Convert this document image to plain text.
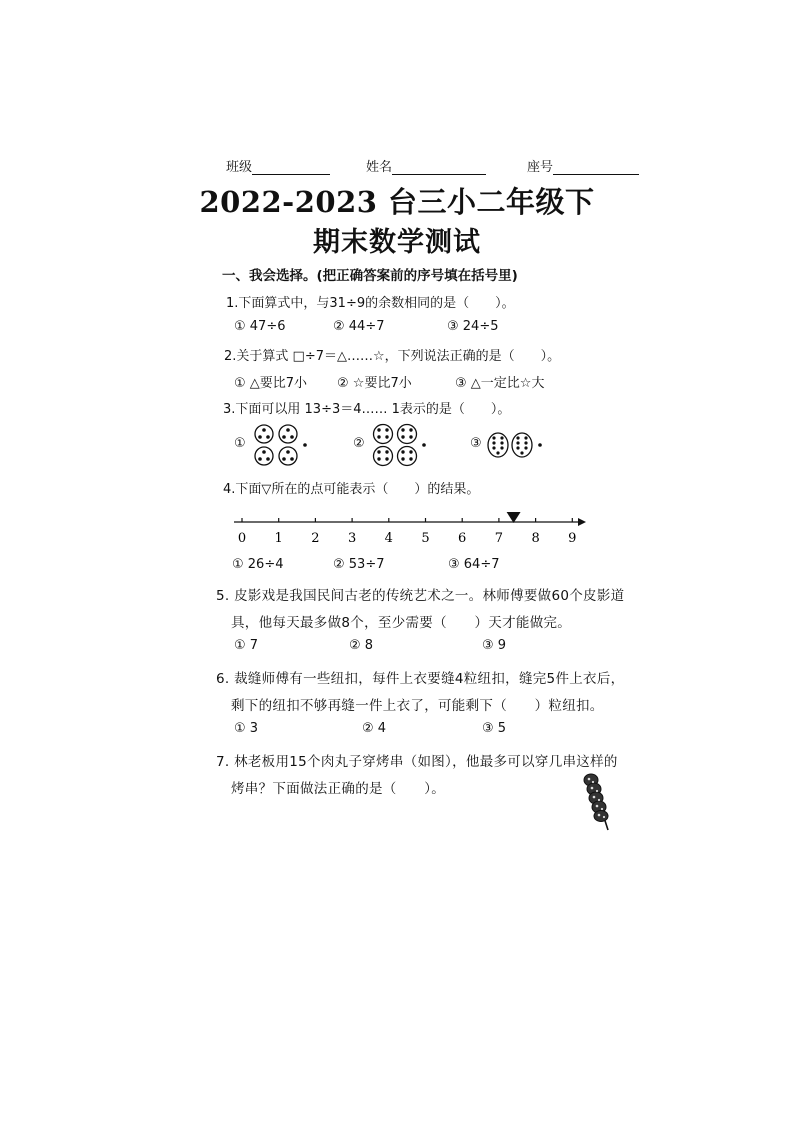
班级	姓名	座号
2022-2023 台三小二年级下
期末数学测试
一、我会选择。(把正确答案前的序号填在括号里)
1.下面算式中，与31÷9的余数相同的是（　　）。
① 47÷6	② 44÷7	③ 24÷5
2.关于算式 □÷7＝△……☆，下列说法正确的是（　　）。
① △要比7小 ② ☆要比7小	③ △一定比☆大
3.下面可以用 13÷3＝4…… 1表示的是（　　）。
①	②	③
4.下面▽所在的点可能表示（　　）的结果。
0 1 2 3 4 5 6 7 8 9
① 26÷4	② 53÷7	③ 64÷7
5. 皮影戏是我国民间古老的传统艺术之一。林师傅要做60个皮影道
具，他每天最多做8个，至少需要（　　）天才能做完。
① 7	② 8	③ 9
6. 裁缝师傅有一些纽扣，每件上衣要缝4粒纽扣，缝完5件上衣后，
剩下的纽扣不够再缝一件上衣了，可能剩下（　　）粒纽扣。
① 3	② 4	③ 5
7. 林老板用15个肉丸子穿烤串（如图），他最多可以穿几串这样的
烤串？下面做法正确的是（　　）。
